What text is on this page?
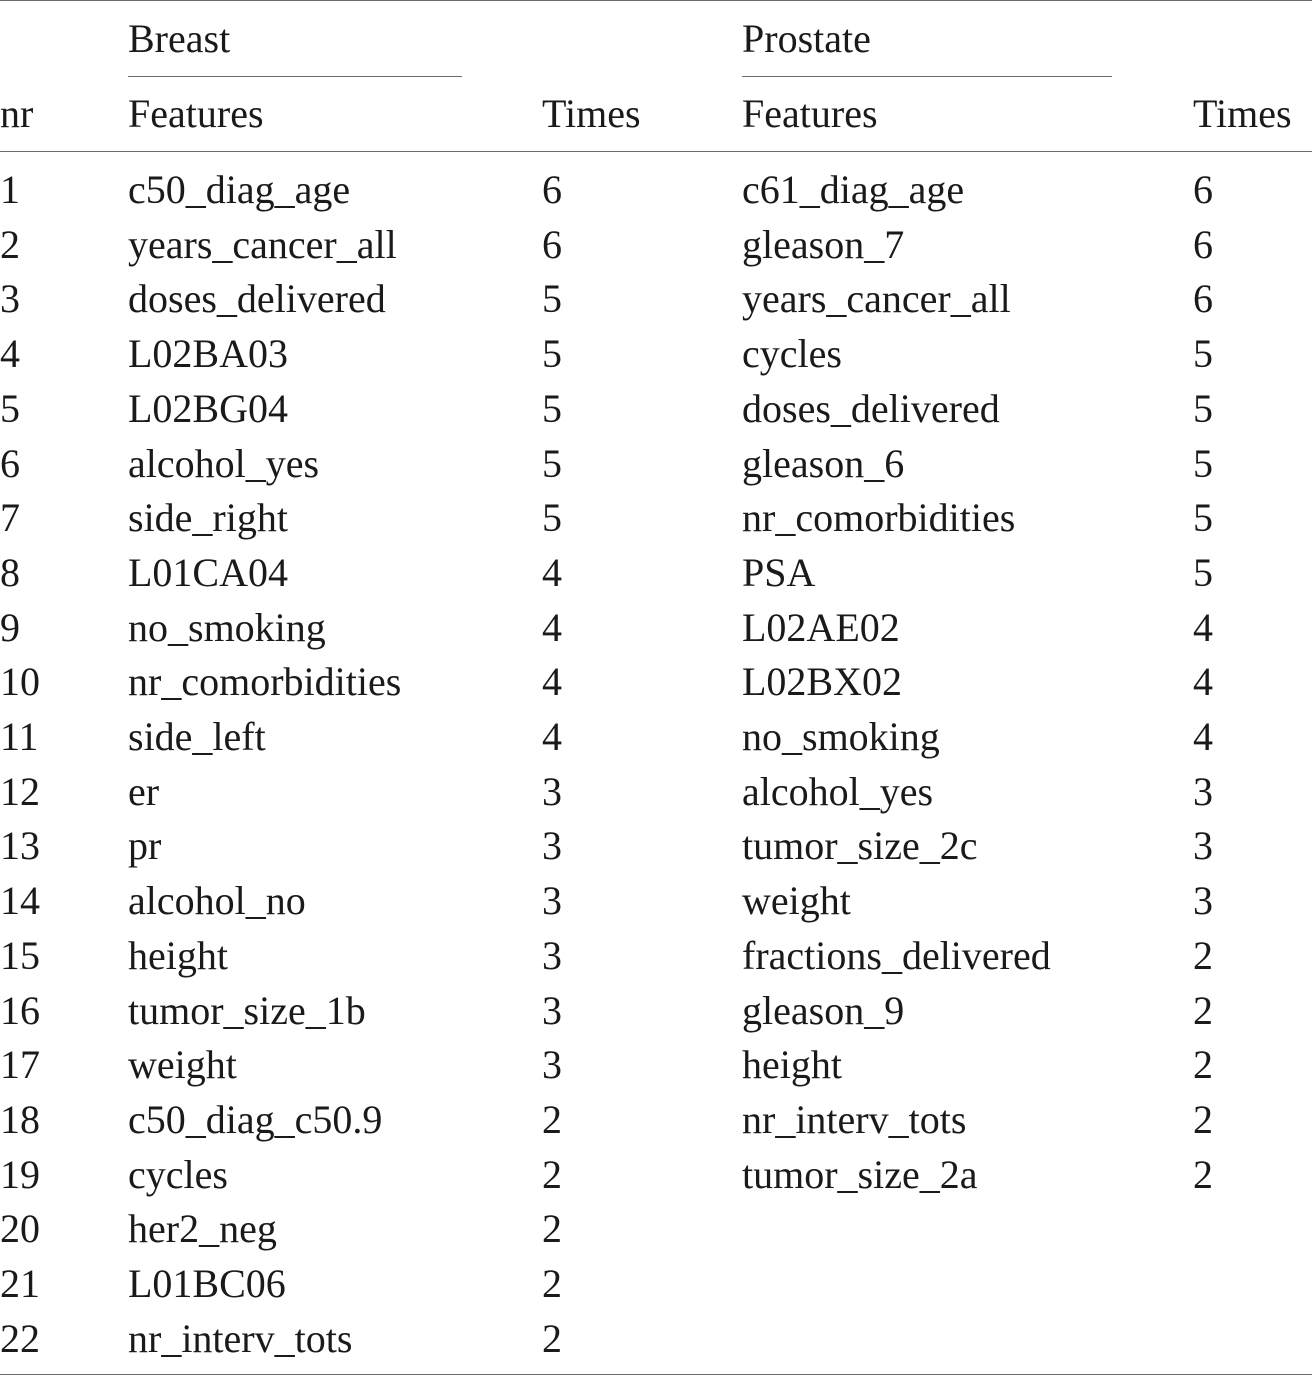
Breast	Prostate
nr Features	Times	Features	Times
1	c50_diag_age	6	c61_diag_age	6
2	years_cancer_all	6	gleason_7	6
3	doses_delivered	5	years_cancer_all	6
4	L02BA03	5	cycles	5
5	L02BG04	5	doses_delivered	5
6	alcohol_yes	5	gleason_6	5
7	side_right	5	nr_comorbidities	5
8	L01CA04	4	PSA	5
9	no_smoking	4	L02AE02	4
10 nr_comorbidities	4	L02BX02	4
11 side_left	4	no_smoking	4
12 er	3	alcohol_yes	3
13 pr	3	tumor_size_2c	3
14 alcohol_no	3	weight	3
15 height	3	fractions_delivered	2
16 tumor_size_1b	3	gleason_9	2
17 weight	3	height	2
18 c50_diag_c50.9	2	nr_interv_tots	2
19 cycles	2	tumor_size_2a	2
20 her2_neg	2
21 L01BC06	2
22 nr_interv_tots	2
